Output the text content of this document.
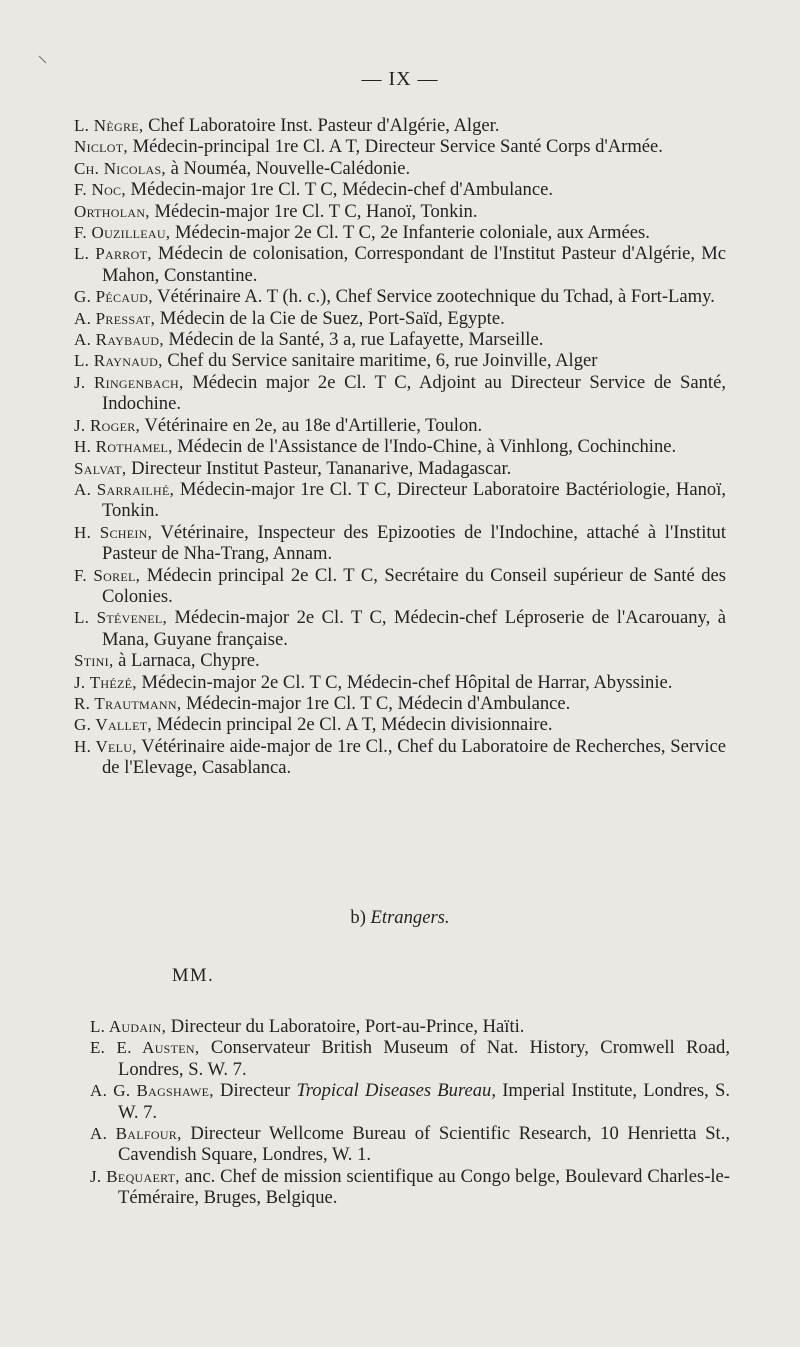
— IX —
L. Nègre, Chef Laboratoire Inst. Pasteur d'Algérie, Alger.
Niclot, Médecin-principal 1re Cl. A T, Directeur Service Santé Corps d'Armée.
Ch. Nicolas, à Nouméa, Nouvelle-Calédonie.
F. Noc, Médecin-major 1re Cl. T C, Médecin-chef d'Ambulance.
Ortholan, Médecin-major 1re Cl. T C, Hanoï, Tonkin.
F. Ouzilleau, Médecin-major 2e Cl. T C, 2e Infanterie coloniale, aux Armées.
L. Parrot, Médecin de colonisation, Correspondant de l'Institut Pasteur d'Algérie, Mc Mahon, Constantine.
G. Pécaud, Vétérinaire A. T (h. c.), Chef Service zootechnique du Tchad, à Fort-Lamy.
A. Pressat, Médecin de la Cie de Suez, Port-Saïd, Egypte.
A. Raybaud, Médecin de la Santé, 3 a, rue Lafayette, Marseille.
L. Raynaud, Chef du Service sanitaire maritime, 6, rue Joinville, Alger
J. Ringenbach, Médecin major 2e Cl. T C, Adjoint au Directeur Service de Santé, Indochine.
J. Roger, Vétérinaire en 2e, au 18e d'Artillerie, Toulon.
H. Rothamel, Médecin de l'Assistance de l'Indo-Chine, à Vinhlong, Cochinchine.
Salvat, Directeur Institut Pasteur, Tananarive, Madagascar.
A. Sarrailhé, Médecin-major 1re Cl. T C, Directeur Laboratoire Bactériologie, Hanoï, Tonkin.
H. Schein, Vétérinaire, Inspecteur des Epizooties de l'Indochine, attaché à l'Institut Pasteur de Nha-Trang, Annam.
F. Sorel, Médecin principal 2e Cl. T C, Secrétaire du Conseil supérieur de Santé des Colonies.
L. Stévenel, Médecin-major 2e Cl. T C, Médecin-chef Léproserie de l'Acarouany, à Mana, Guyane française.
Stini, à Larnaca, Chypre.
J. Thézé, Médecin-major 2e Cl. T C, Médecin-chef Hôpital de Harrar, Abyssinie.
R. Trautmann, Médecin-major 1re Cl. T C, Médecin d'Ambulance.
G. Vallet, Médecin principal 2e Cl. A T, Médecin divisionnaire.
H. Velu, Vétérinaire aide-major de 1re Cl., Chef du Laboratoire de Recherches, Service de l'Elevage, Casablanca.
b) Etrangers.
MM.
L. Audain, Directeur du Laboratoire, Port-au-Prince, Haïti.
E. E. Austen, Conservateur British Museum of Nat. History, Cromwell Road, Londres, S. W. 7.
A. G. Bagshawe, Directeur Tropical Diseases Bureau, Imperial Institute, Londres, S. W. 7.
A. Balfour, Directeur Wellcome Bureau of Scientific Research, 10 Henrietta St., Cavendish Square, Londres, W. 1.
J. Bequaert, anc. Chef de mission scientifique au Congo belge, Boulevard Charles-le-Téméraire, Bruges, Belgique.
